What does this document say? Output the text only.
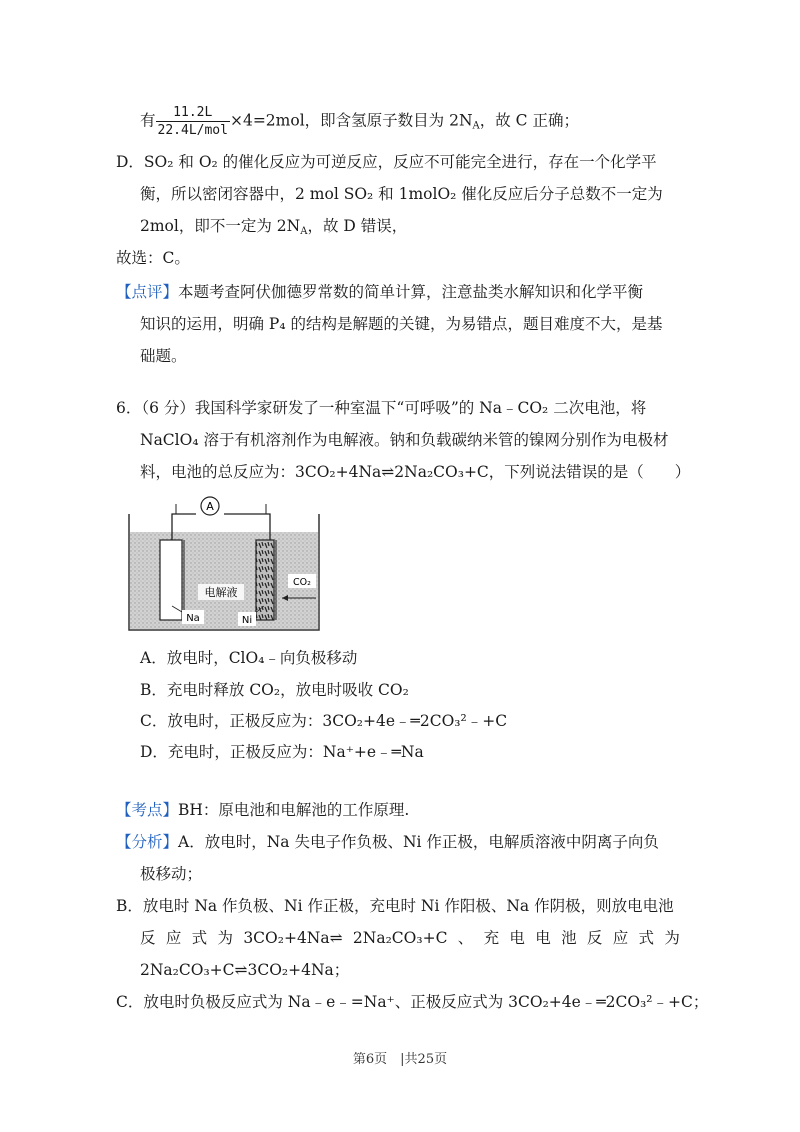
有 $\frac{11.2L}{\text{22.4L/mol}} \times 4=2mol$，即含氢原子数目为 $2N_A$，故 C 正确；
D．SO₂ 和 O₂ 的催化反应为可逆反应，反应不可能完全进行，存在一个化学平
衡，所以密闭容器中，2 mol SO₂ 和 1molO₂ 催化反应后分子总数不一定为
2mol，即不一定为 $2N_A$，故 D 错误，
故选：C。
【点评】本题考查阿伏伽德罗常数的简单计算，注意盐类水解知识和化学平衡
知识的运用，明确 P₄ 的结构是解题的关键，为易错点，题目难度不大，是基
础题。
6．（6 分）我国科学家研发了一种室温下“可呼吸”的 Na﹣CO₂ 二次电池，将
NaClO₄ 溶于有机溶剂作为电解液。钠和负载碳纳米管的镍网分别作为电极材
料，电池的总反应为：3CO₂+4Na⇌2Na₂CO₃+C，下列说法错误的是（　　）
A
CO₂
电解液
Na	Ni
A．放电时，ClO₄﹣向负极移动
B．充电时释放 CO₂，放电时吸收 CO₂
C．放电时，正极反应为：3CO₂+4e﹣═2CO₃²﹣+C
D．充电时，正极反应为：Na⁺+e﹣═Na
【考点】BH：原电池和电解池的工作原理.
【分析】A．放电时，Na 失电子作负极、Ni 作正极，电解质溶液中阴离子向负
极移动；
B．放电时 Na 作负极、Ni 作正极，充电时 Ni 作阳极、Na 作阴极，则放电电池
反 应 式 为 3CO₂+4Na⇌ 2Na₂CO₃+C 、 充 电 电 池 反 应 式 为
2Na₂CO₃+C⇌3CO₂+4Na；
C．放电时负极反应式为 Na﹣e﹣=Na⁺、正极反应式为 3CO₂+4e﹣═2CO₃²﹣+C；
第6页　|共25页
